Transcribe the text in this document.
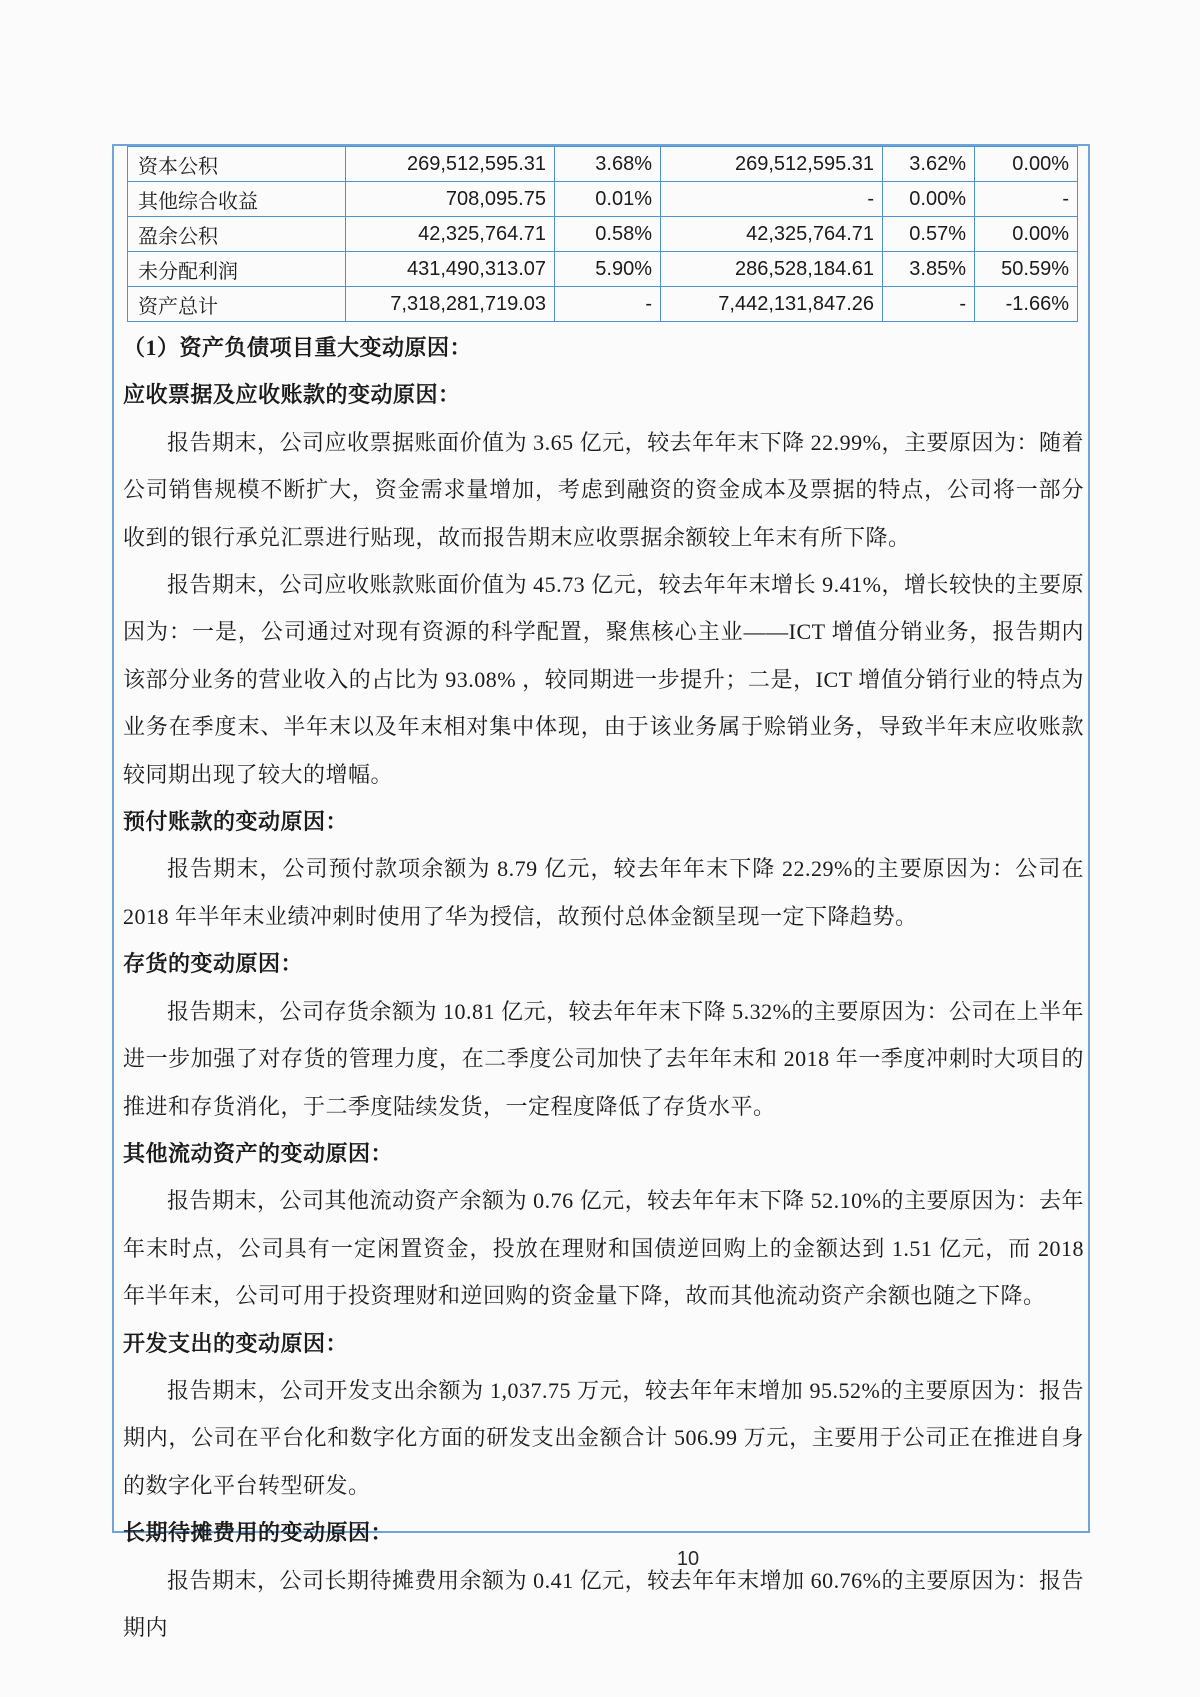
资本公积	269,512,595.31	3.68%	269,512,595.31	3.62%	0.00%
其他综合收益	708,095.75	0.01%	-	0.00%	-
盈余公积	42,325,764.71	0.58%	42,325,764.71	0.57%	0.00%
未分配利润	431,490,313.07	5.90%	286,528,184.61	3.85%	50.59%
资产总计	7,318,281,719.03	-	7,442,131,847.26	-	-1.66%
（1）资产负债项目重大变动原因：
应收票据及应收账款的变动原因：

报告期末，公司应收票据账面价值为 3.65 亿元，较去年年末下降 22.99%，主要原因为：随着公司销售规模不断扩大，资金需求量增加，考虑到融资的资金成本及票据的特点，公司将一部分收到的银行承兑汇票进行贴现，故而报告期末应收票据余额较上年末有所下降。

报告期末，公司应收账款账面价值为 45.73 亿元，较去年年末增长 9.41%，增长较快的主要原因为：一是，公司通过对现有资源的科学配置，聚焦核心主业——ICT 增值分销业务，报告期内该部分业务的营业收入的占比为 93.08% ，较同期进一步提升；二是，ICT 增值分销行业的特点为业务在季度末、半年末以及年末相对集中体现，由于该业务属于赊销业务，导致半年末应收账款较同期出现了较大的增幅。

预付账款的变动原因：

报告期末，公司预付款项余额为 8.79 亿元，较去年年末下降 22.29%的主要原因为：公司在 2018 年半年末业绩冲刺时使用了华为授信，故预付总体金额呈现一定下降趋势。

存货的变动原因：

报告期末，公司存货余额为 10.81 亿元，较去年年末下降 5.32%的主要原因为：公司在上半年进一步加强了对存货的管理力度，在二季度公司加快了去年年末和 2018 年一季度冲刺时大项目的推进和存货消化，于二季度陆续发货，一定程度降低了存货水平。

其他流动资产的变动原因：

报告期末，公司其他流动资产余额为 0.76 亿元，较去年年末下降 52.10%的主要原因为：去年年末时点，公司具有一定闲置资金，投放在理财和国债逆回购上的金额达到 1.51 亿元，而 2018 年半年末，公司可用于投资理财和逆回购的资金量下降，故而其他流动资产余额也随之下降。

开发支出的变动原因：

报告期末，公司开发支出余额为 1,037.75 万元，较去年年末增加 95.52%的主要原因为：报告期内，公司在平台化和数字化方面的研发支出金额合计 506.99 万元，主要用于公司正在推进自身的数字化平台转型研发。

长期待摊费用的变动原因：

报告期末，公司长期待摊费用余额为 0.41 亿元，较去年年末增加 60.76%的主要原因为：报告期内

10
